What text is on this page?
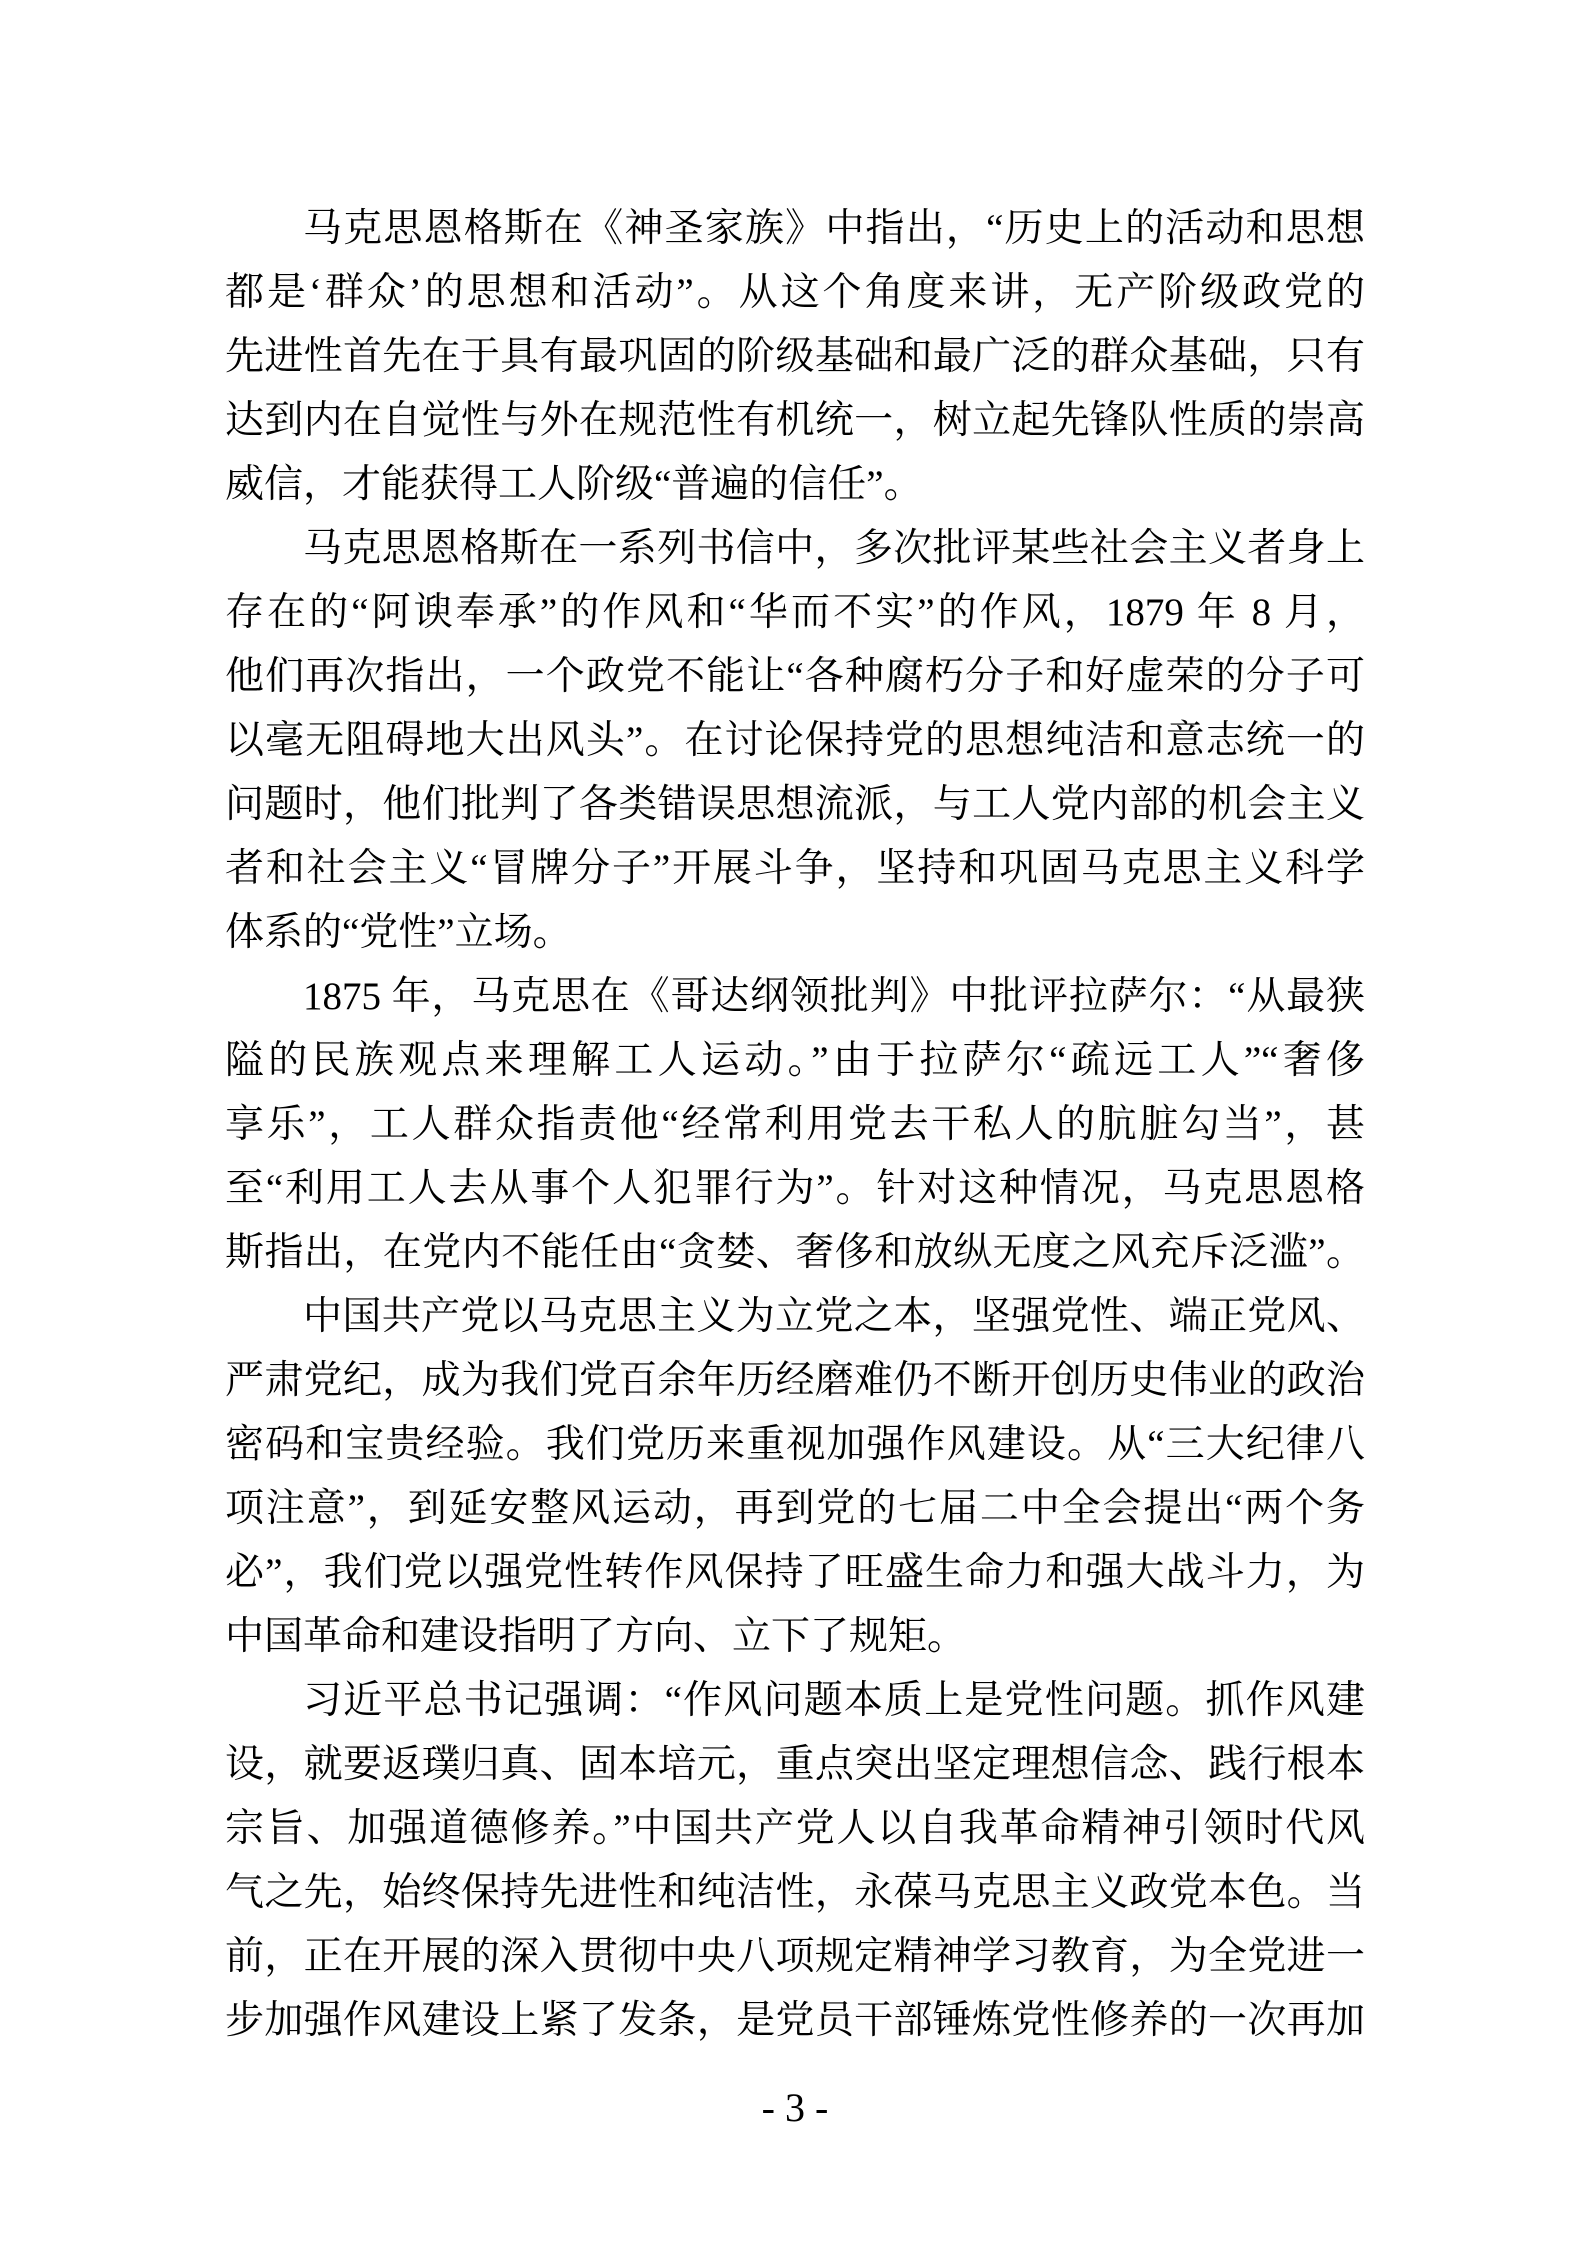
马克思恩格斯在《神圣家族》中指出，“历史上的活动和思想
都是‘群众’的思想和活动”。从这个角度来讲，无产阶级政党的
先进性首先在于具有最巩固的阶级基础和最广泛的群众基础，只有
达到内在自觉性与外在规范性有机统一，树立起先锋队性质的崇高
威信，才能获得工人阶级“普遍的信任”。
马克思恩格斯在一系列书信中，多次批评某些社会主义者身上
存在的“阿谀奉承”的作风和“华而不实”的作风，1879 年 8 月，
他们再次指出，一个政党不能让“各种腐朽分子和好虚荣的分子可
以毫无阻碍地大出风头”。在讨论保持党的思想纯洁和意志统一的
问题时，他们批判了各类错误思想流派，与工人党内部的机会主义
者和社会主义“冒牌分子”开展斗争，坚持和巩固马克思主义科学
体系的“党性”立场。
1875 年，马克思在《哥达纲领批判》中批评拉萨尔：“从最狭
隘的民族观点来理解工人运动。”由于拉萨尔“疏远工人”“奢侈
享乐”，工人群众指责他“经常利用党去干私人的肮脏勾当”，甚
至“利用工人去从事个人犯罪行为”。针对这种情况，马克思恩格
斯指出，在党内不能任由“贪婪、奢侈和放纵无度之风充斥泛滥”。
中国共产党以马克思主义为立党之本，坚强党性、端正党风、
严肃党纪，成为我们党百余年历经磨难仍不断开创历史伟业的政治
密码和宝贵经验。我们党历来重视加强作风建设。从“三大纪律八
项注意”，到延安整风运动，再到党的七届二中全会提出“两个务
必”，我们党以强党性转作风保持了旺盛生命力和强大战斗力，为
中国革命和建设指明了方向、立下了规矩。
习近平总书记强调：“作风问题本质上是党性问题。抓作风建
设，就要返璞归真、固本培元，重点突出坚定理想信念、践行根本
宗旨、加强道德修养。”中国共产党人以自我革命精神引领时代风
气之先，始终保持先进性和纯洁性，永葆马克思主义政党本色。当
前，正在开展的深入贯彻中央八项规定精神学习教育，为全党进一
步加强作风建设上紧了发条，是党员干部锤炼党性修养的一次再加
- 3 -
